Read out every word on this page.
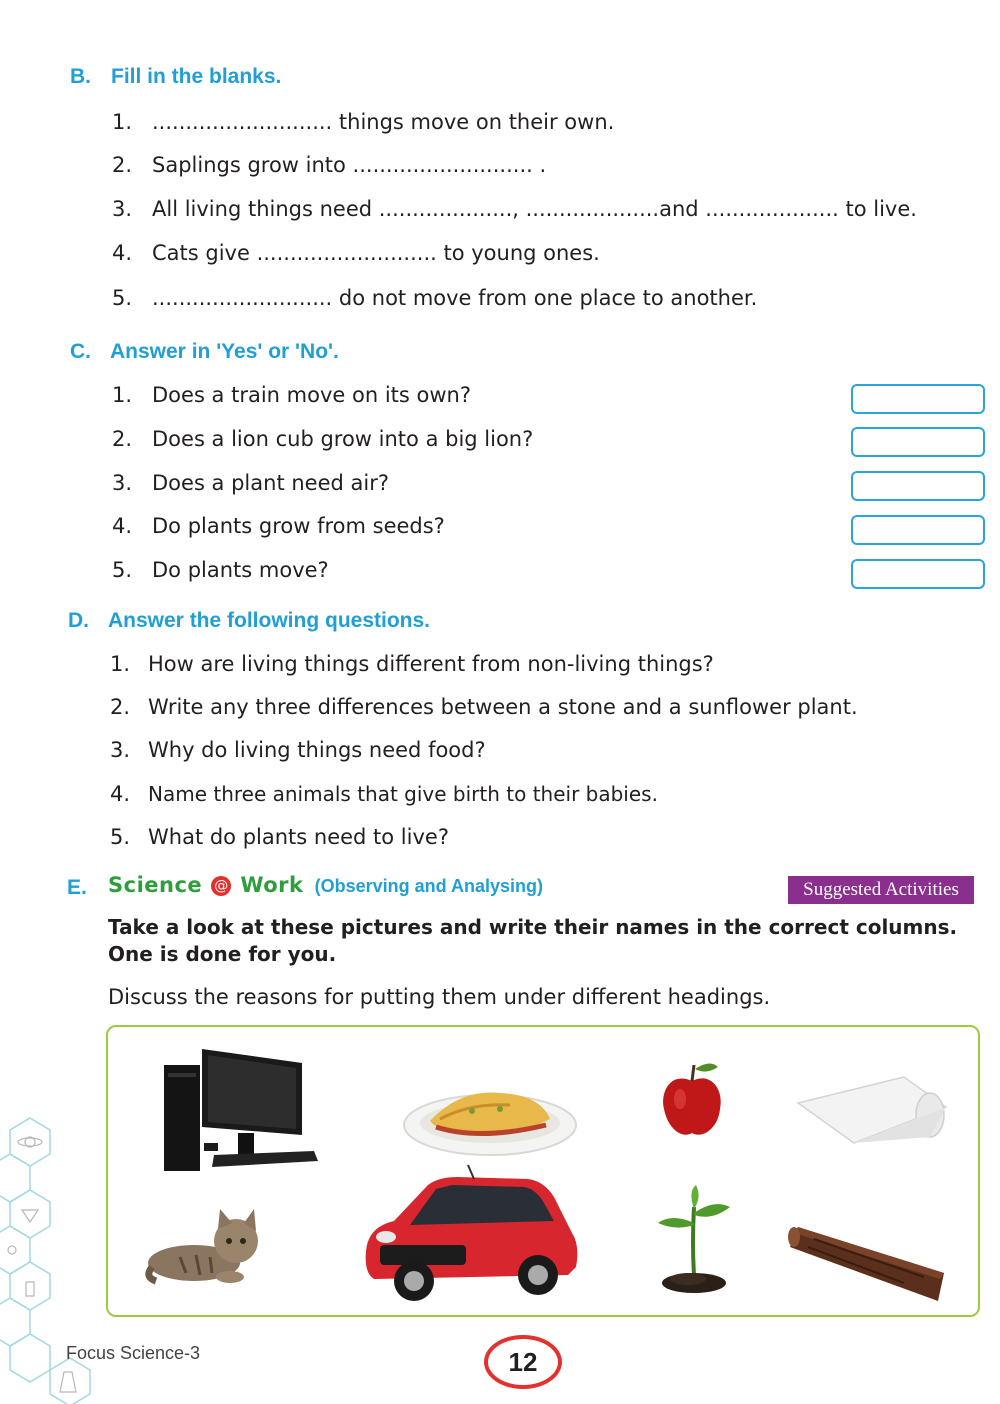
B. Fill in the blanks.
1. ........................... things move on their own.
2. Saplings grow into ........................... .
3. All living things need ...................., ....................and .................... to live.
4. Cats give ........................... to young ones.
5. ........................... do not move from one place to another.
C. Answer in 'Yes' or 'No'.
1. Does a train move on its own?
2. Does a lion cub grow into a big lion?
3. Does a plant need air?
4. Do plants grow from seeds?
5. Do plants move?
D. Answer the following questions.
1. How are living things different from non-living things?
2. Write any three differences between a stone and a sunflower plant.
3. Why do living things need food?
4. Name three animals that give birth to their babies.
5. What do plants need to live?
E. Science @ Work (Observing and Analysing)	Suggested Activities
Take a look at these pictures and write their names in the correct columns. One is done for you.
Discuss the reasons for putting them under different headings.
Focus Science-3	12
